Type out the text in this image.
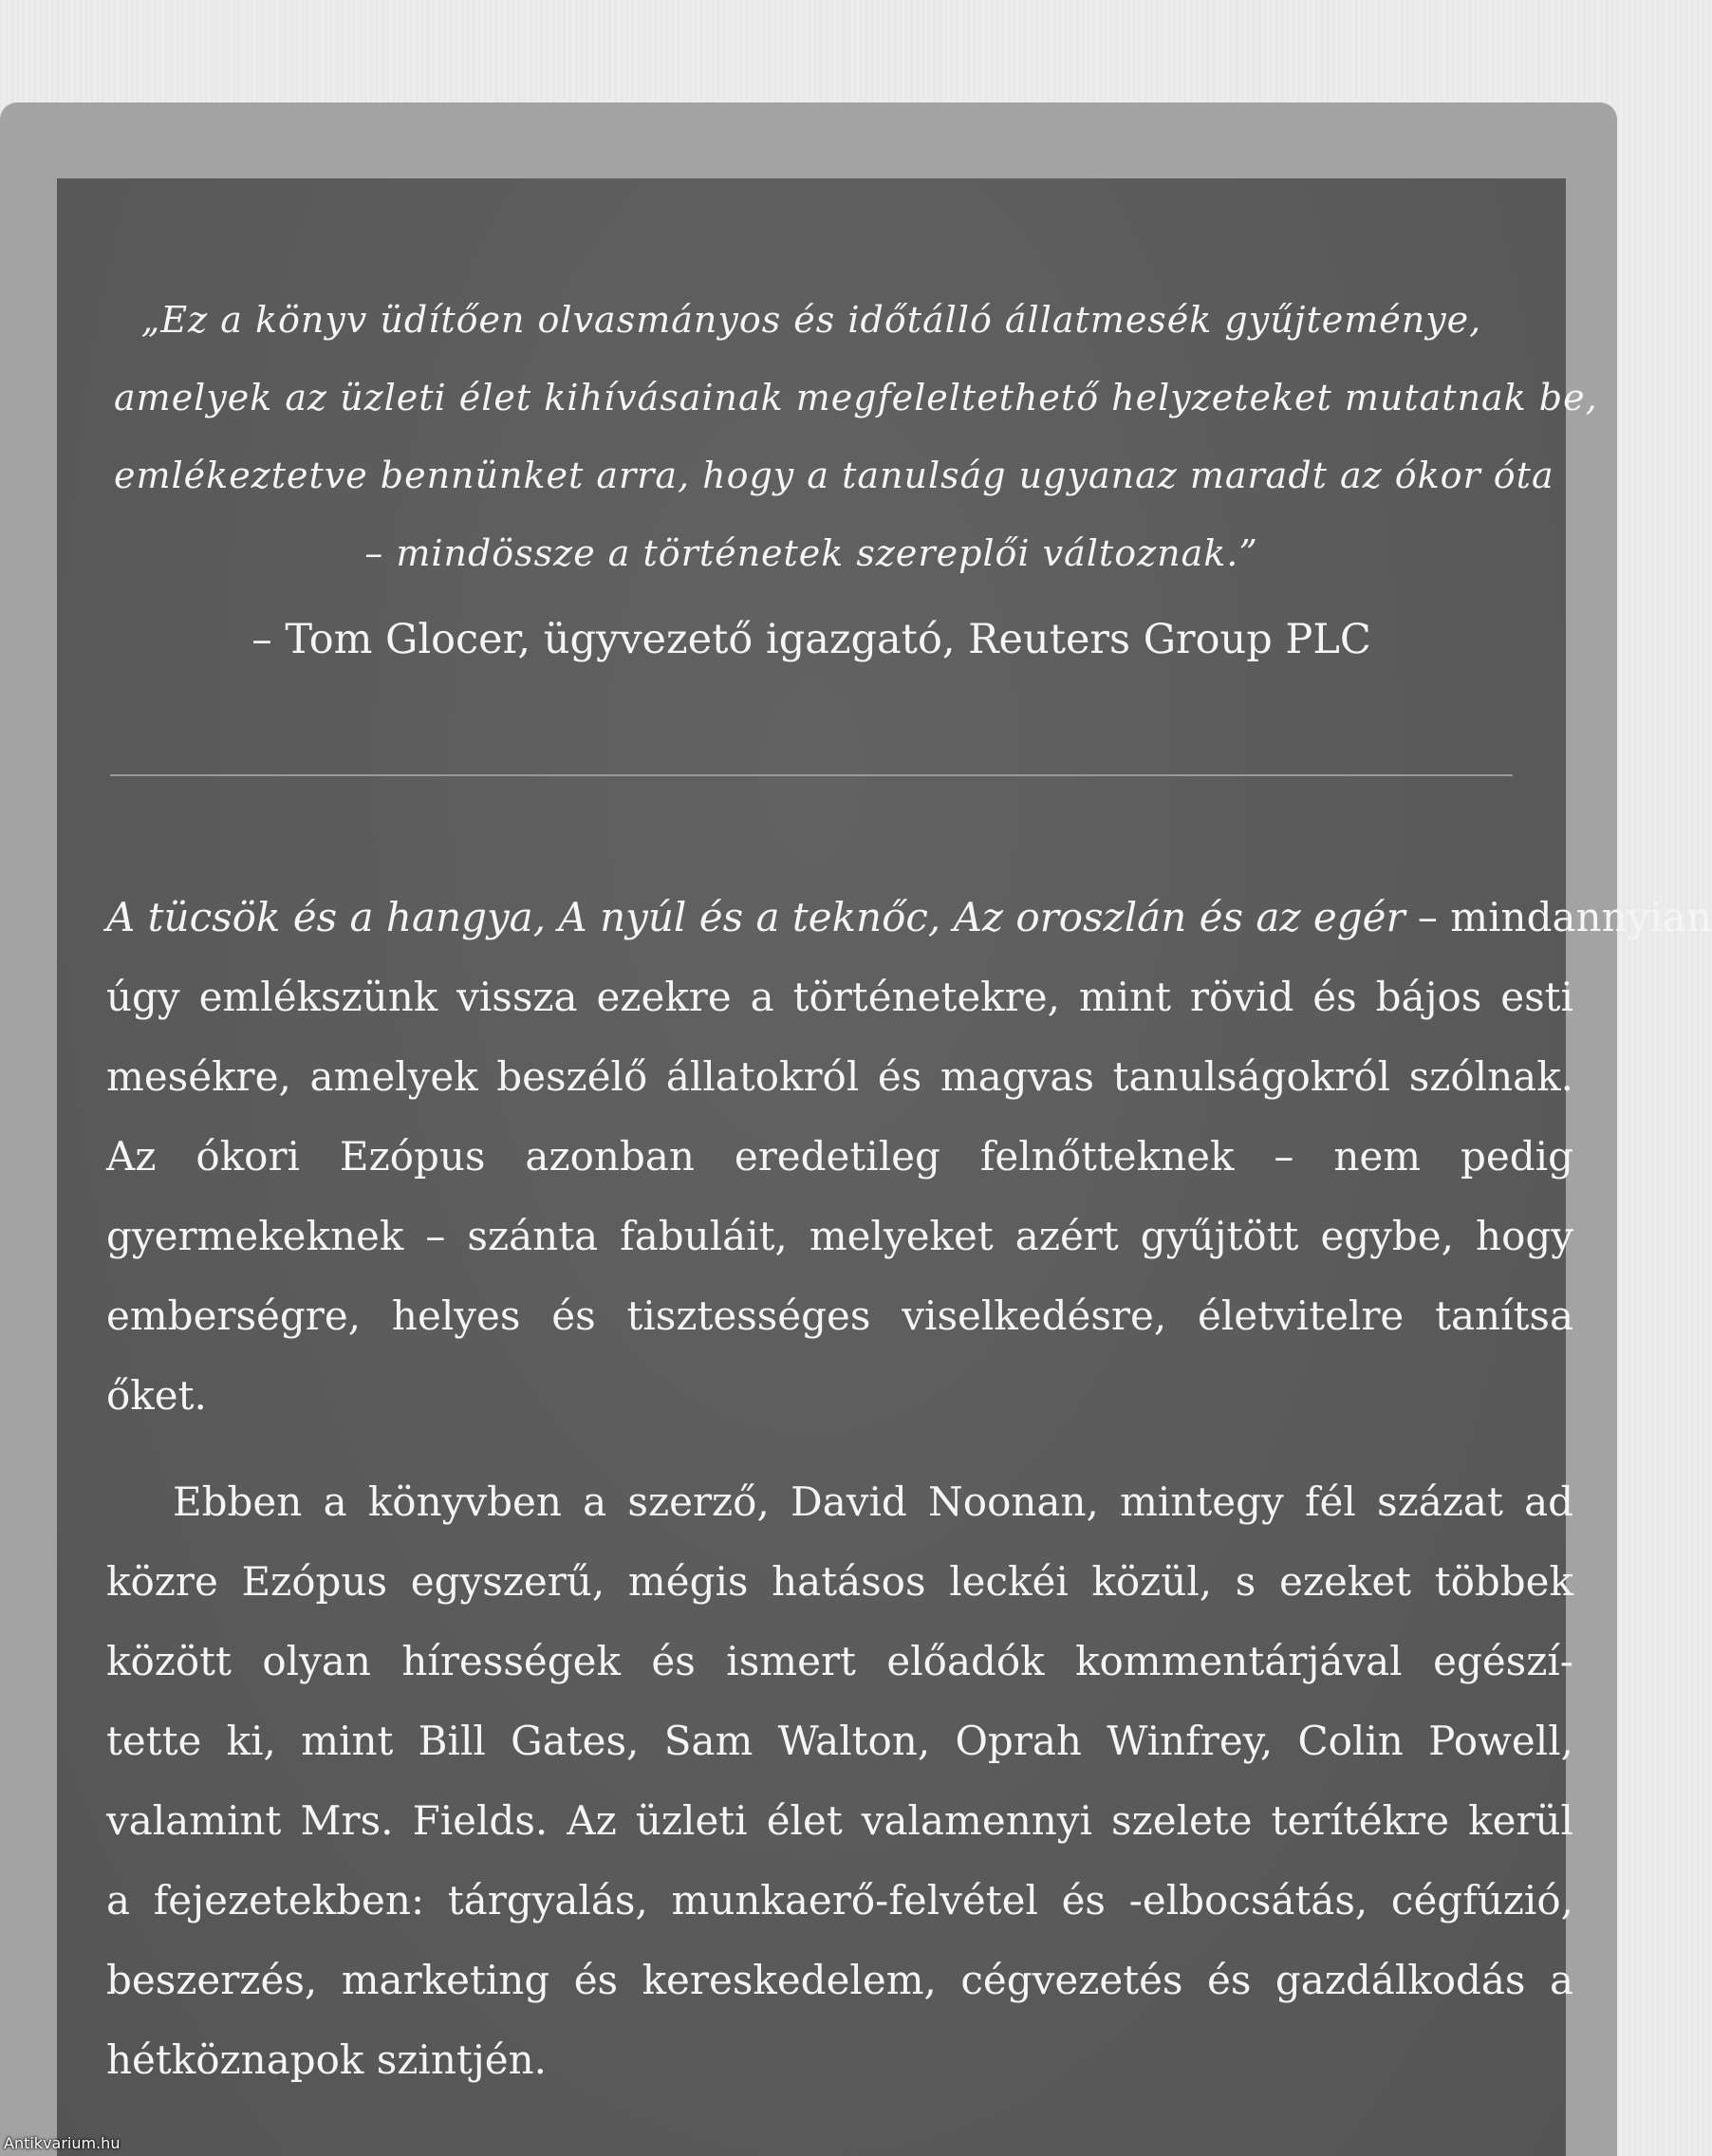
„Ez a könyv üdítően olvasmányos és időtálló állatmesék gyűjteménye,
amelyek az üzleti élet kihívásainak megfeleltethető helyzeteket mutatnak be,
emlékeztetve bennünket arra, hogy a tanulság ugyanaz maradt az ókor óta
– mindössze a történetek szereplői változnak.”
– Tom Glocer, ügyvezető igazgató, Reuters Group PLC
A tücsök és a hangya, A nyúl és a teknőc, Az oroszlán és az egér – mindannyian
úgy emlékszünk vissza ezekre a történetekre, mint rövid és bájos esti
mesékre, amelyek beszélő állatokról és magvas tanulságokról szólnak.
Az ókori Ezópus azonban eredetileg felnőtteknek – nem pedig
gyermekeknek – szánta fabuláit, melyeket azért gyűjtött egybe, hogy
emberségre, helyes és tisztességes viselkedésre, életvitelre tanítsa
őket.
Ebben a könyvben a szerző, David Noonan, mintegy fél százat ad
közre Ezópus egyszerű, mégis hatásos leckéi közül, s ezeket többek
között olyan hírességek és ismert előadók kommentárjával egészí-
tette ki, mint Bill Gates, Sam Walton, Oprah Winfrey, Colin Powell,
valamint Mrs. Fields. Az üzleti élet valamennyi szelete terítékre kerül
a fejezetekben: tárgyalás, munkaerő-felvétel és -elbocsátás, cégfúzió,
beszerzés, marketing és kereskedelem, cégvezetés és gazdálkodás a
hétköznapok szintjén.
Antikvarium.hu
